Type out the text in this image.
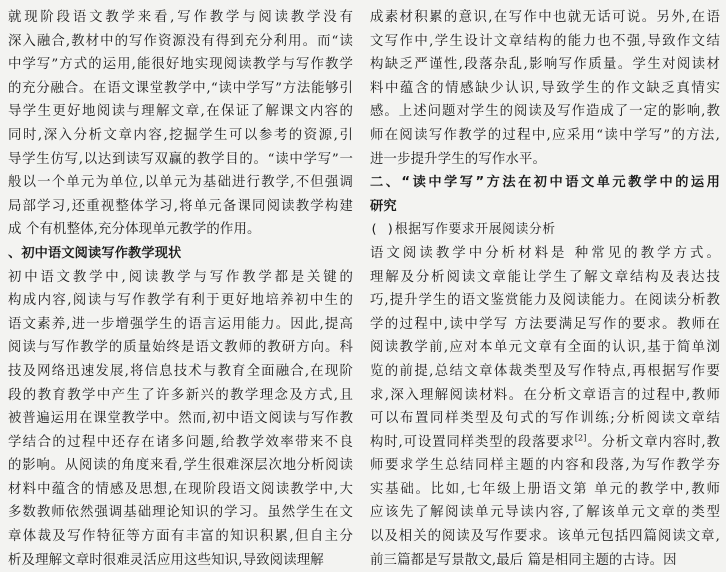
就现阶段语文教学来看,写作教学与阅读教学没有
深入融合,教材中的写作资源没有得到充分利用。而“读
中学写”方式的运用,能很好地实现阅读教学与写作教学
的充分融合。在语文课堂教学中,“读中学写”方法能够引
导学生更好地阅读与理解文章,在保证了解课文内容的
同时,深入分析文章内容,挖掘学生可以参考的资源,引
导学生仿写,以达到读写双赢的教学目的。“读中学写”一
般以一个单元为单位,以单元为基础进行教学,不但强调
局部学习,还重视整体学习,将单元备课同阅读教学构建
成 个有机整体,充分体现单元教学的作用。
、初中语文阅读写作教学现状
初中语文教学中,阅读教学与写作教学都是关键的
构成内容,阅读与写作教学有利于更好地培养初中生的
语文素养,进一步增强学生的语言运用能力。因此,提高
阅读与写作教学的质量始终是语文教师的教研方向。科
技及网络迅速发展,将信息技术与教育全面融合,在现阶
段的教育教学中产生了许多新兴的教学理念及方式,且
被普遍运用在课堂教学中。然而,初中语文阅读与写作教
学结合的过程中还存在诸多问题,给教学效率带来不良
的影响。从阅读的角度来看,学生很难深层次地分析阅读
材料中蕴含的情感及思想,在现阶段语文阅读教学中,大
多数教师依然强调基础理论知识的学习。虽然学生在文
章体裁及写作特征等方面有丰富的知识积累,但自主分
析及理解文章时很难灵活应用这些知识,导致阅读理解
成素材积累的意识,在写作中也就无话可说。另外,在语
文写作中,学生设计文章结构的能力也不强,导致作文结
构缺乏严谨性,段落杂乱,影响写作质量。学生对阅读材
料中蕴含的情感缺少认识,导致学生的作文缺乏真情实
感。上述问题对学生的阅读及写作造成了一定的影响,教
师在阅读写作教学的过程中,应采用“读中学写”的方法,
进一步提升学生的写作水平。
二、“读中学写”方法在初中语文单元教学中的运用
研究
( )根据写作要求开展阅读分析
语文阅读教学中分析材料是 种常见的教学方式。
理解及分析阅读文章能让学生了解文章结构及表达技
巧,提升学生的语文鉴赏能力及阅读能力。在阅读分析教
学的过程中,读中学写 方法要满足写作的要求。教师在
阅读教学前,应对本单元文章有全面的认识,基于简单浏
览的前提,总结文章体裁类型及写作特点,再根据写作要
求,深入理解阅读材料。在分析文章语言的过程中,教师
可以布置同样类型及句式的写作训练;分析阅读文章结
构时,可设置同样类型的段落要求[2]。分析文章内容时,教
师要求学生总结同样主题的内容和段落,为写作教学夯
实基础。比如,七年级上册语文第 单元的教学中,教师
应该先了解阅读单元导读内容,了解该单元文章的类型
以及相关的阅读及写作要求。该单元包括四篇阅读文章,
前三篇都是写景散文,最后 篇是相同主题的古诗。因
